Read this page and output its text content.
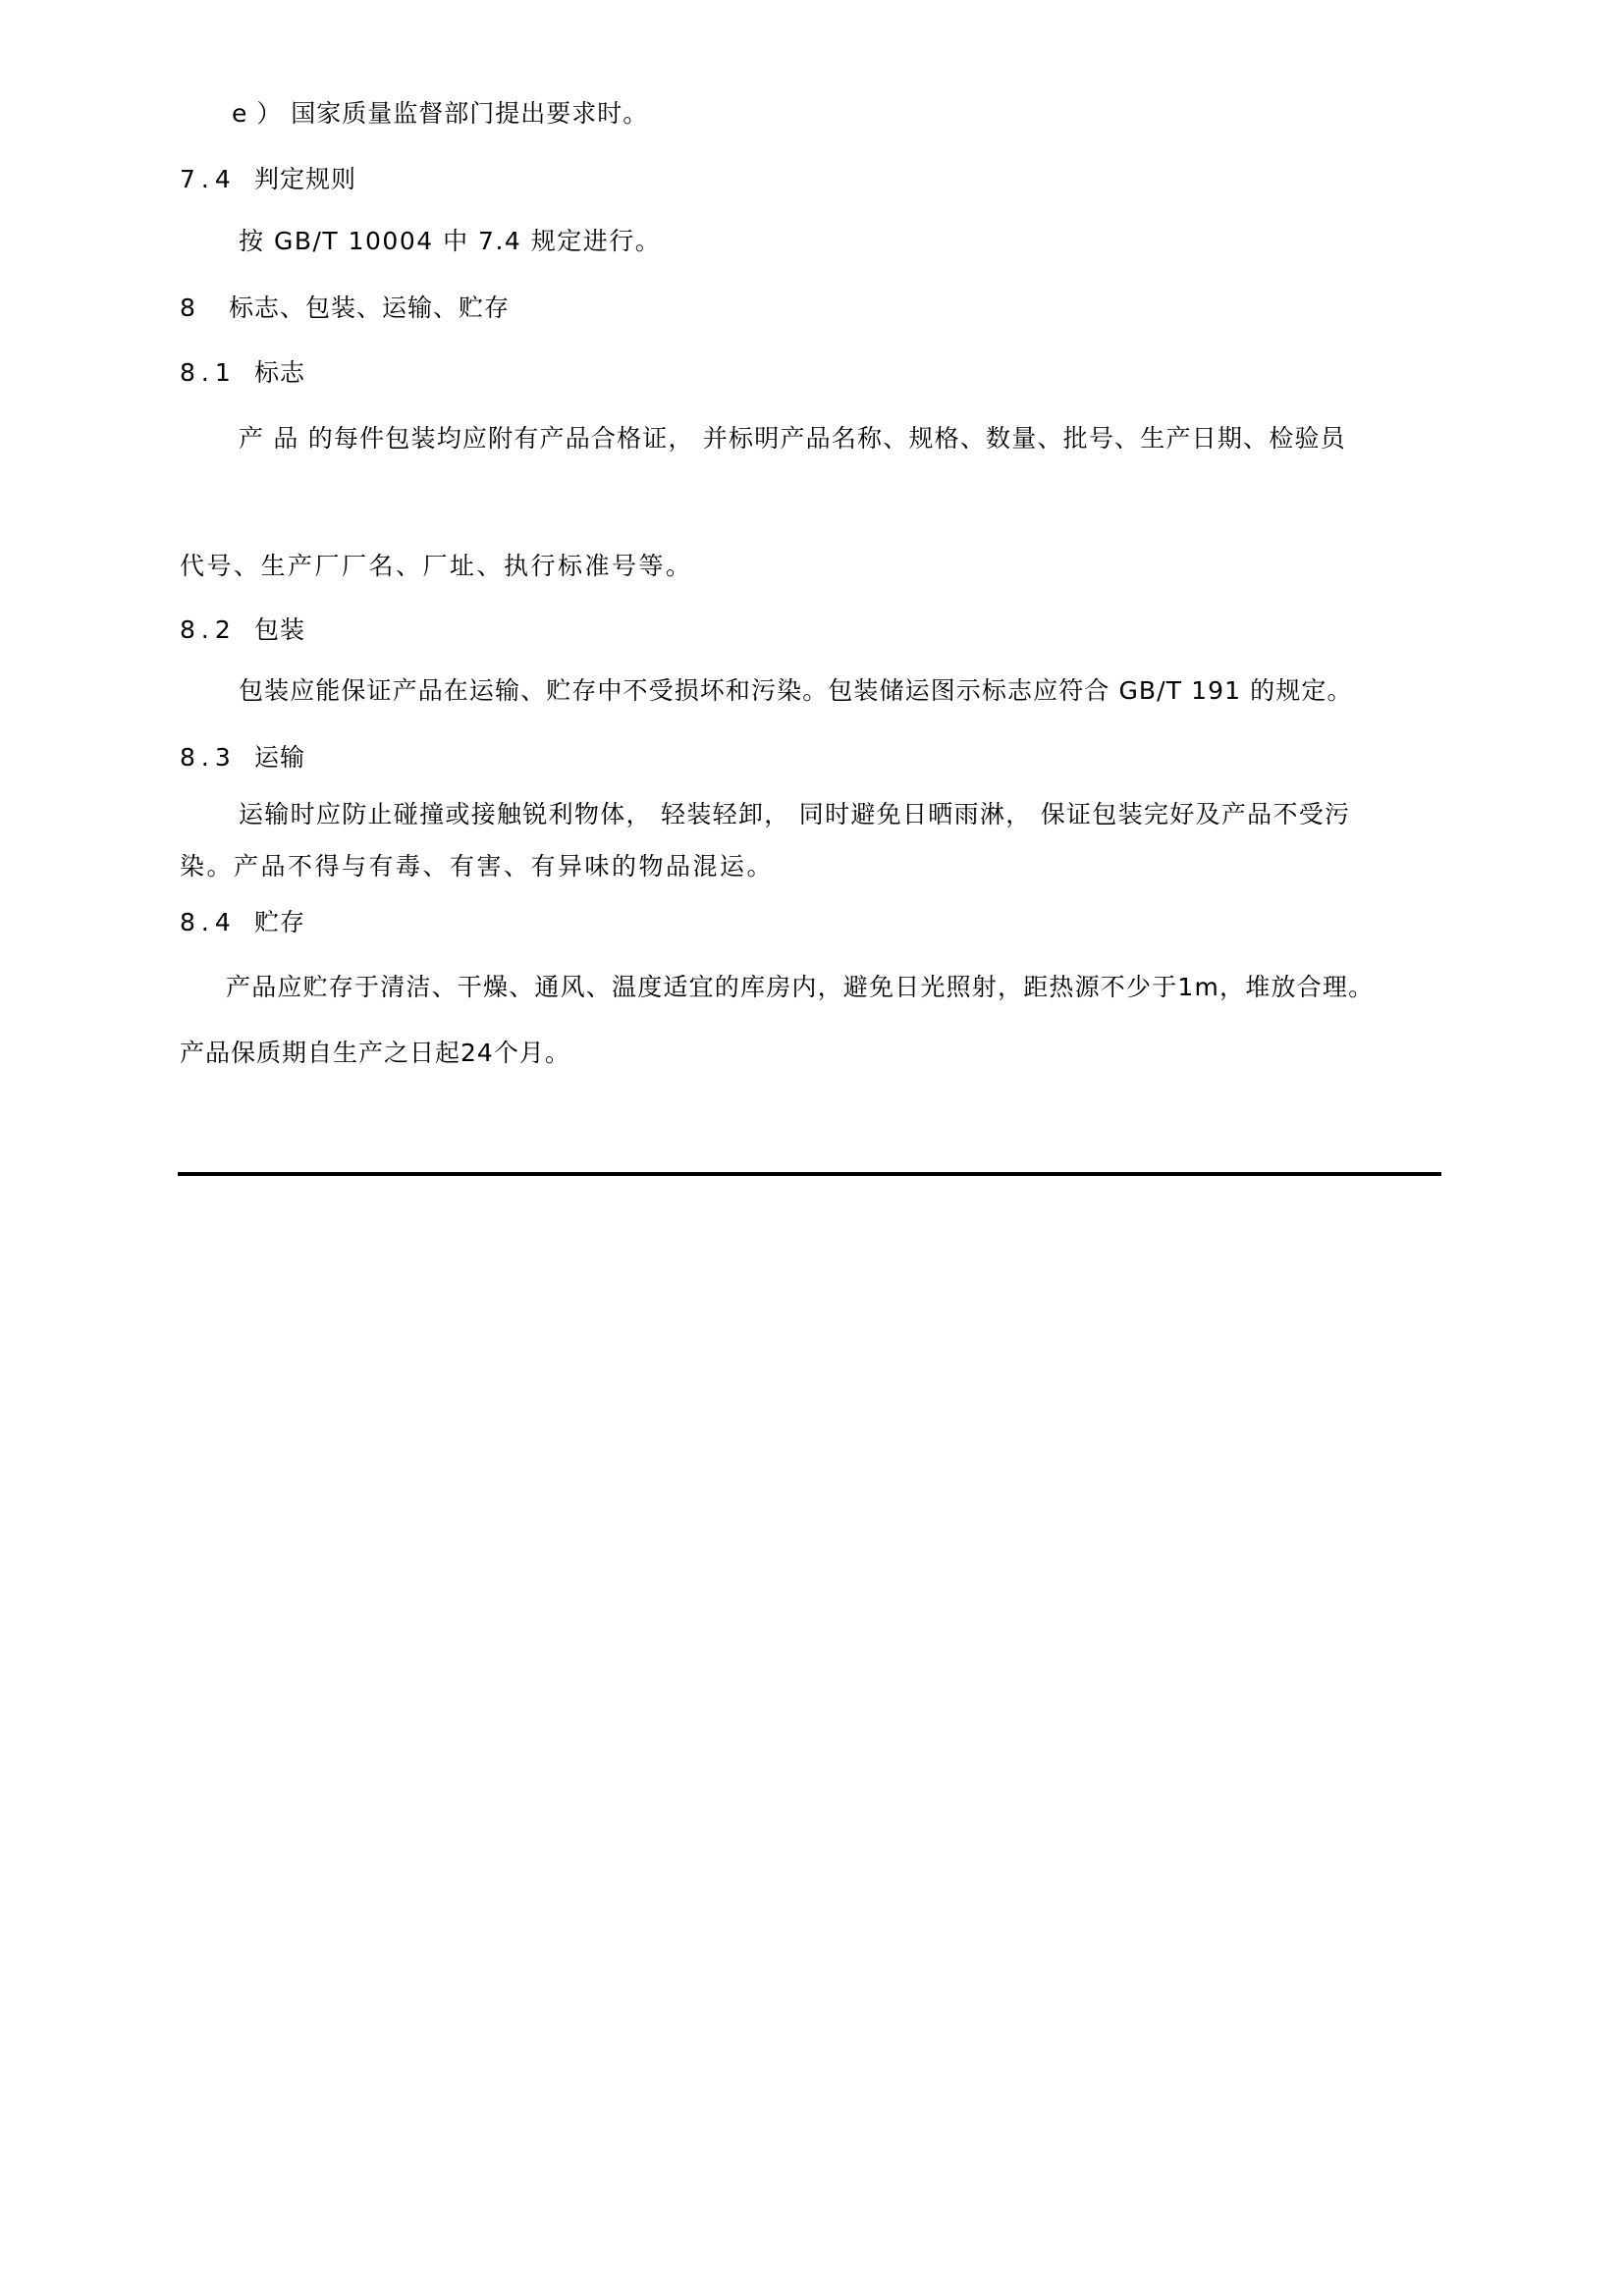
e ） 国家质量监督部门提出要求时。
7.4 判定规则
按 GB/T 10004 中 7.4 规定进行。
8 标志、包装、运输、贮存
8.1 标志
产 品 的每件包装均应附有产品合格证， 并标明产品名称、规格、数量、批号、生产日期、检验员
代号、生产厂厂名、厂址、执行标准号等。
8.2 包装
包装应能保证产品在运输、贮存中不受损坏和污染。包装储运图示标志应符合 GB/T 191 的规定。
8.3 运输
运输时应防止碰撞或接触锐利物体， 轻装轻卸， 同时避免日晒雨淋， 保证包装完好及产品不受污
染。产品不得与有毒、有害、有异味的物品混运。
8.4 贮存
产品应贮存于清洁、干燥、通风、温度适宜的库房内，避免日光照射，距热源不少于1m，堆放合理。
产品保质期自生产之日起24个月。
